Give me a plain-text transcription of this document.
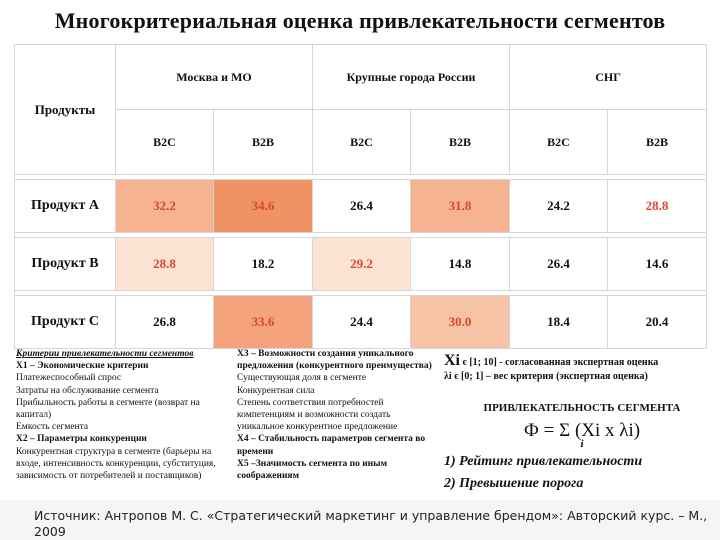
Многокритериальная оценка привлекательности сегментов
Продукты	Москва и МО		Крупные города России		СНГ	
	B2C	B2B	B2C	B2B	B2C	B2B

Продукт А	32.2	34.6	26.4	31.8	24.2	28.8

Продукт В	28.8	18.2	29.2	14.8	26.4	14.6

Продукт С	26.8	33.6	24.4	30.0	18.4	20.4
Критерии привлекательности сегментов
Х1 – Экономические критерии
Платежеспособный спрос
Затраты на обслуживание сегмента
Прибыльность работы в сегменте (возврат на капитал)
Емкость сегмента
Х2 – Параметры конкуренции
Конкурентная структура в сегменте (барьеры на входе, интенсивность конкуренции, субституция, зависимость от потребителей и поставщиков)
Х3 – Возможности создания уникального предложения (конкурентного преимущества)
Существующая доля в сегменте
Конкурентная сила
Степень соответствия потребностей компетенциям и возможности создать уникальное конкурентное предложение
Х4 – Стабильность параметров сегмента во времени
Х5 –Значимость сегмента по иным соображениям
Xi є [1; 10] - согласованная экспертная оценка
λi є [0; 1] – вес критерия (экспертная оценка)
ПРИВЛЕКАТЕЛЬНОСТЬ СЕГМЕНТА
Ф = Σ (Xi x λi)
i
1) Рейтинг привлекательности
2) Превышение порога
Источник: Антропов М. С. «Стратегический маркетинг и управление брендом»: Авторский курс. – М., 2009
